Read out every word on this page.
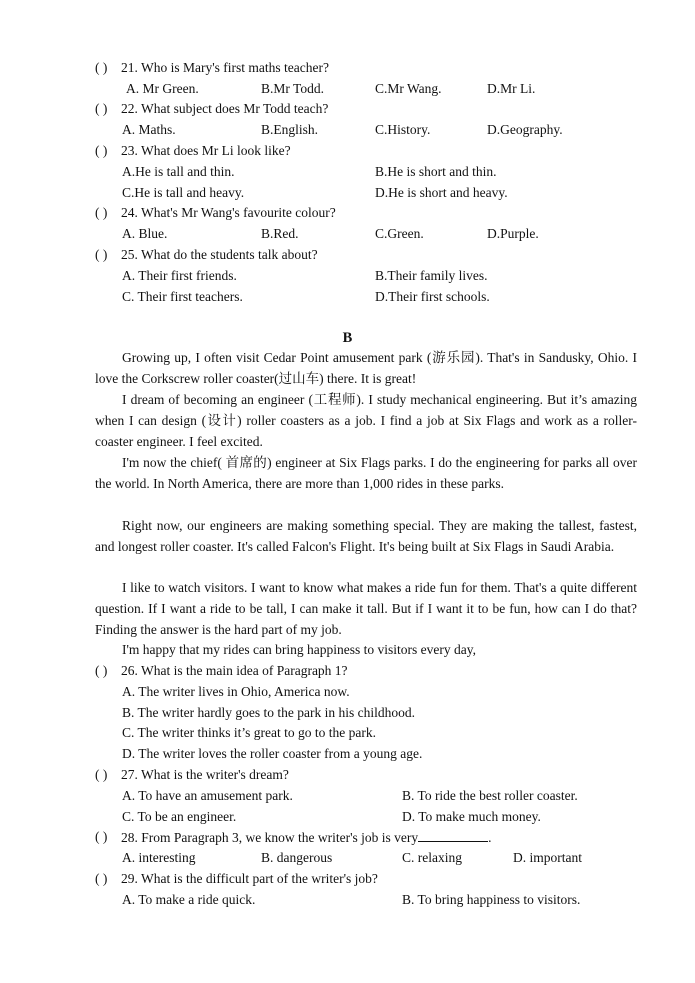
( ) 21. Who is Mary's first maths teacher?
A. Mr Green.	B.Mr Todd.	C.Mr Wang.	D.Mr Li.
( ) 22. What subject does Mr Todd teach?
A. Maths.	B.English.	C.History.	D.Geography.
( ) 23. What does Mr Li look like?
A.He is tall and thin.	B.He is short and thin.
C.He is tall and heavy.	D.He is short and heavy.
( ) 24. What's Mr Wang's favourite colour?
A. Blue.	B.Red.	C.Green.	D.Purple.
( ) 25. What do the students talk about?
A. Their first friends.	B.Their family lives.
C. Their first teachers.	D.Their first schools.
B
Growing up, I often visit Cedar Point amusement park (游乐园). That's in Sandusky, Ohio. I love the Corkscrew roller coaster(过山车) there. It is great!
I dream of becoming an engineer (工程师). I study mechanical engineering. But it’s amazing when I can design (设计) roller coasters as a job. I find a job at Six Flags and work as a roller- coaster engineer. I feel excited.
I'm now the chief( 首席的) engineer at Six Flags parks. I do the engineering for parks all over the world. In North America, there are more than 1,000 rides in these parks.
Right now, our engineers are making something special. They are making the tallest, fastest, and longest roller coaster. It's called Falcon's Flight. It's being built at Six Flags in Saudi Arabia.
I like to watch visitors. I want to know what makes a ride fun for them. That's a quite different question. If I want a ride to be tall, I can make it tall. But if I want it to be fun, how can I do that? Finding the answer is the hard part of my job.
I'm happy that my rides can bring happiness to visitors every day,
( ) 26. What is the main idea of Paragraph 1?
A. The writer lives in Ohio, America now.
B. The writer hardly goes to the park in his childhood.
C. The writer thinks it’s great to go to the park.
D. The writer loves the roller coaster from a young age.
( ) 27. What is the writer's dream?
A. To have an amusement park.	B. To ride the best roller coaster.
C. To be an engineer.	D. To make much money.
( ) 28. From Paragraph 3, we know the writer's job is very	.
A. interesting	B. dangerous	C. relaxing	D. important
( ) 29. What is the difficult part of the writer's job?
A. To make a ride quick.	B. To bring happiness to visitors.
